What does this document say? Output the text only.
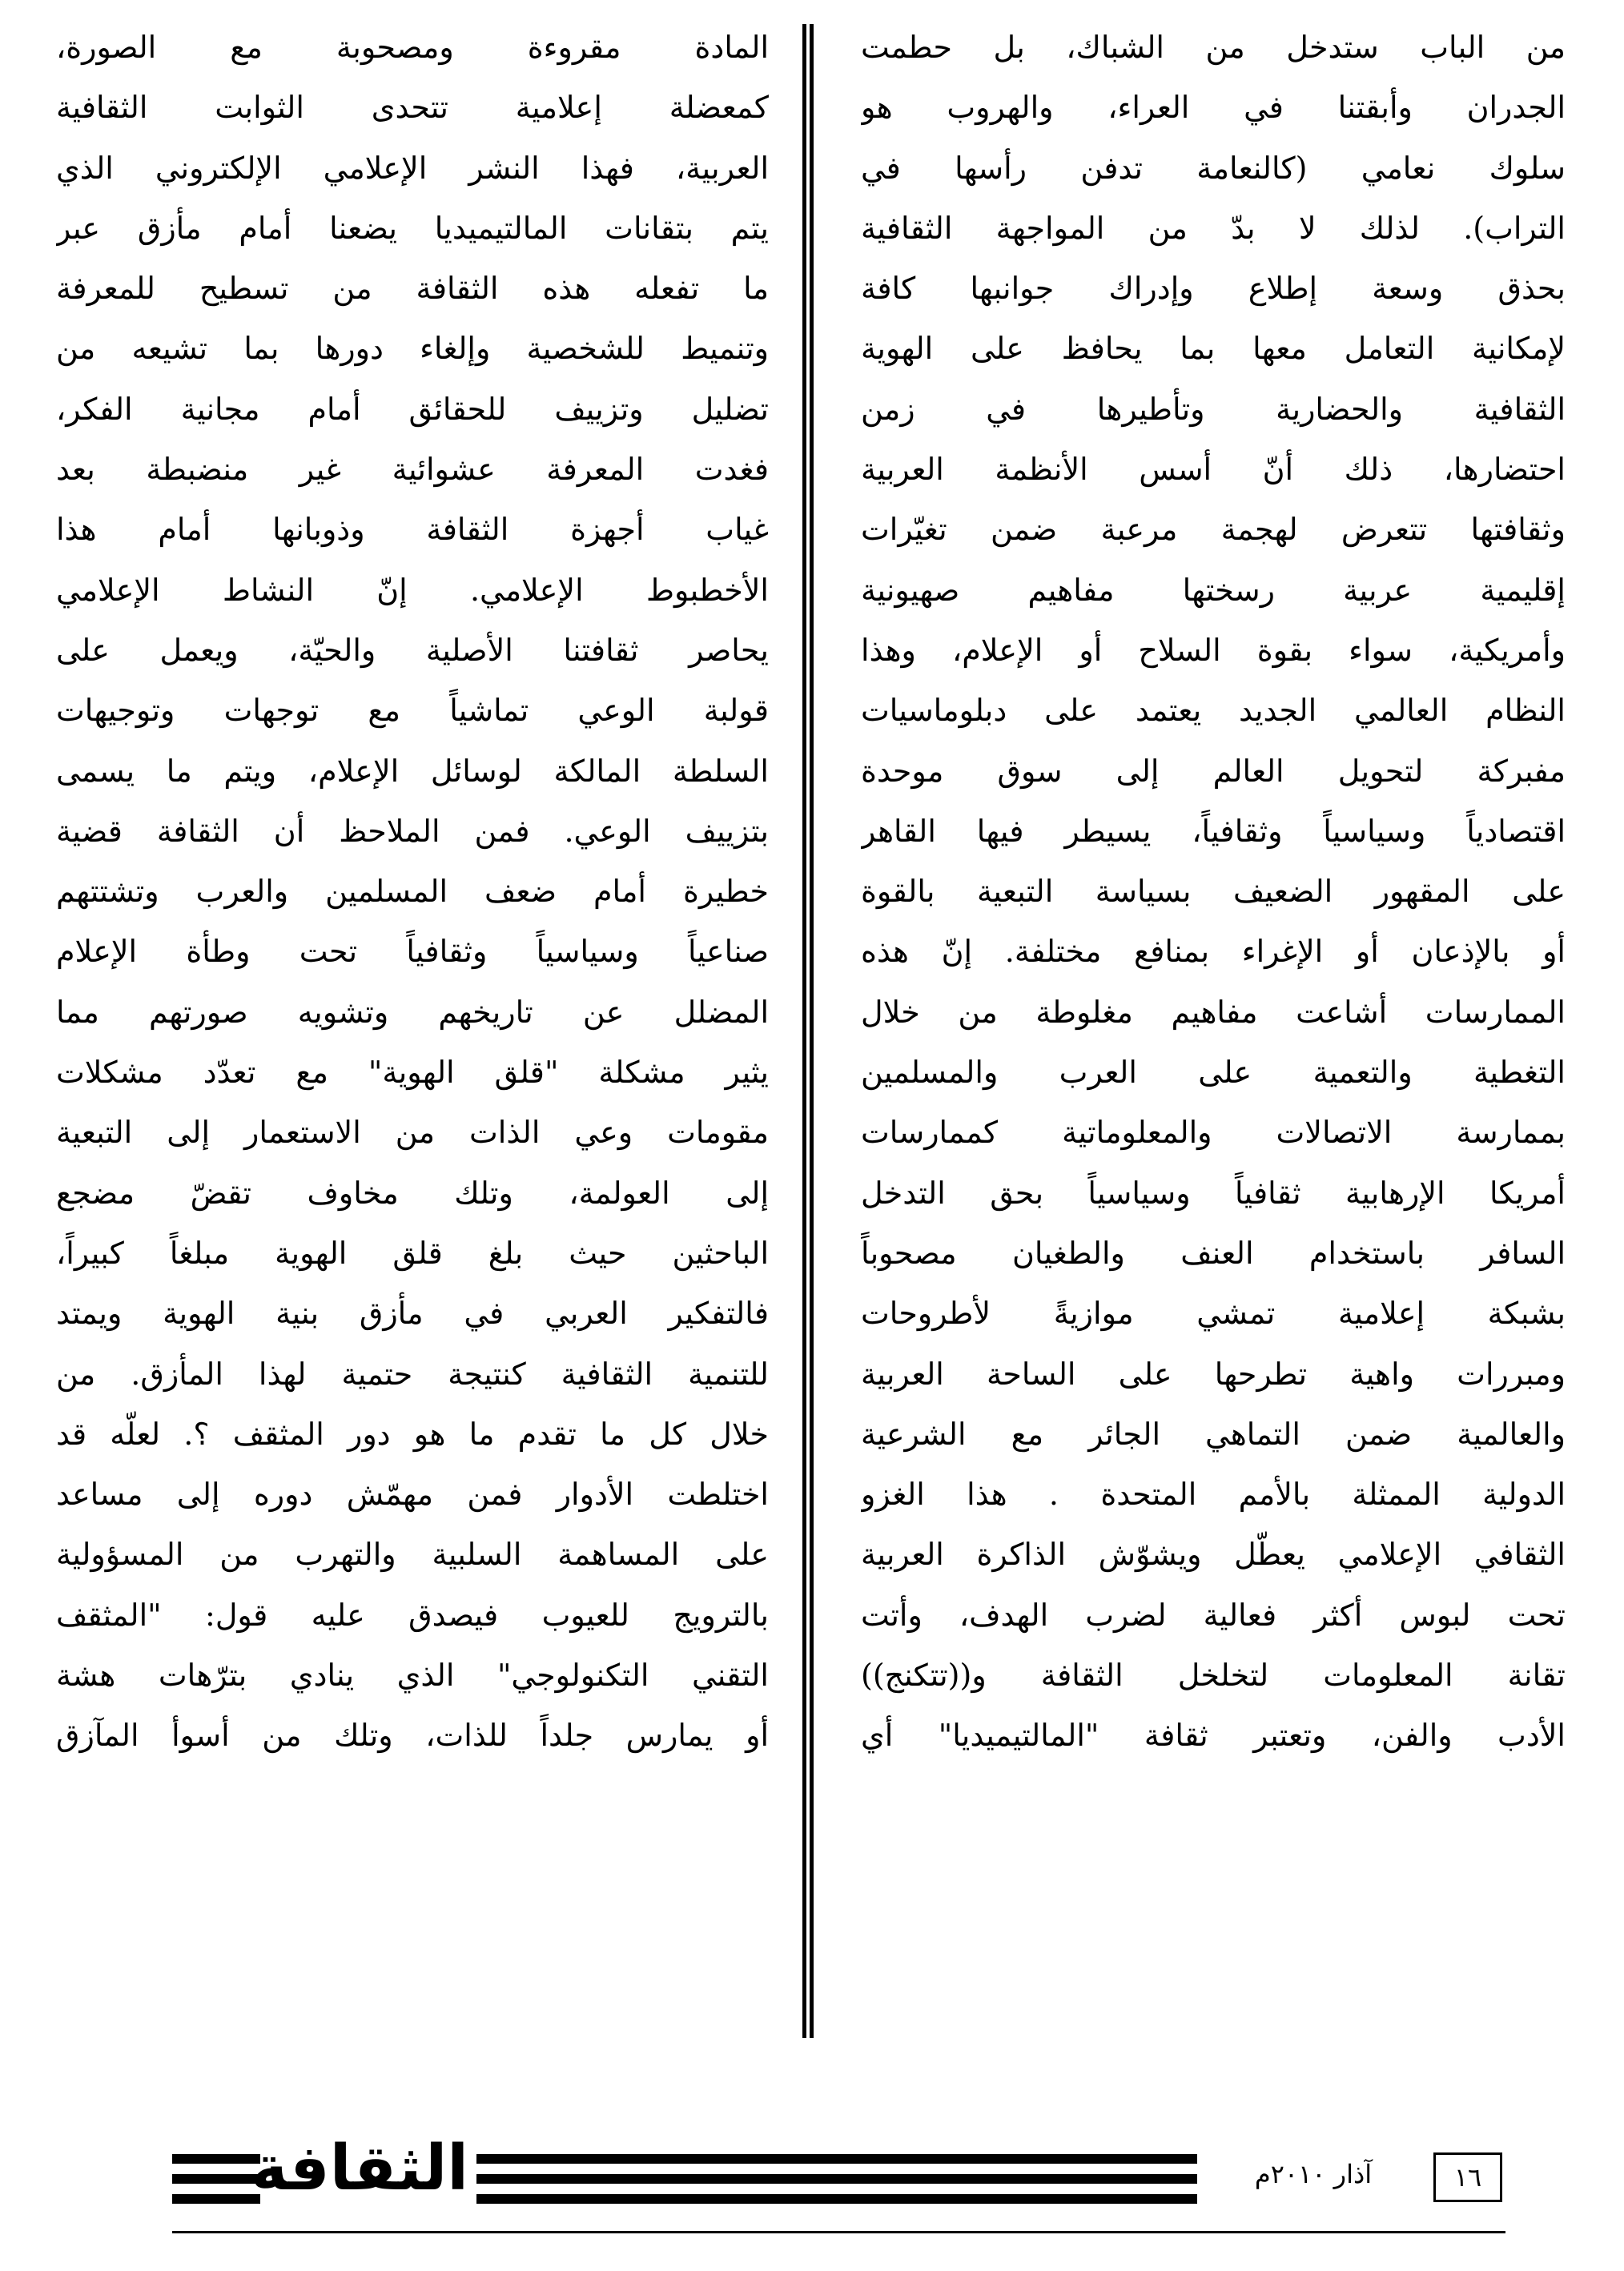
من الباب ستدخل من الشباك، بل حطمت
الجدران وأبقتنا في العراء، والهروب هو
سلوك نعامي (كالنعامة تدفن رأسها في
التراب). لذلك لا بدّ من المواجهة الثقافية
بحذق وسعة إطلاع وإدراك جوانبها كافة
لإمكانية التعامل معها بما يحافظ على الهوية
الثقافية والحضارية وتأطيرها في زمن
احتضارها، ذلك أنّ أسس الأنظمة العربية
وثقافتها تتعرض لهجمة مرعبة ضمن تغيّرات
إقليمية عربية رسختها مفاهيم صهيونية
وأمريكية، سواء بقوة السلاح أو الإعلام، وهذا
النظام العالمي الجديد يعتمد على دبلوماسيات
مفبركة لتحويل العالم إلى سوق موحدة
اقتصادياً وسياسياً وثقافياً، يسيطر فيها القاهر
على المقهور الضعيف بسياسة التبعية بالقوة
أو بالإذعان أو الإغراء بمنافع مختلفة. إنّ هذه
الممارسات أشاعت مفاهيم مغلوطة من خلال
التغطية والتعمية على العرب والمسلمين
بممارسة الاتصالات والمعلوماتية كممارسات
أمريكا الإرهابية ثقافياً وسياسياً بحق التدخل
السافر باستخدام العنف والطغيان مصحوباً
بشبكة إعلامية تمشي موازيةً لأطروحات
ومبررات واهية تطرحها على الساحة العربية
والعالمية ضمن التماهي الجائر مع الشرعية
الدولية الممثلة بالأمم المتحدة . هذا الغزو
الثقافي الإعلامي يعطّل ويشوّش الذاكرة العربية
تحت لبوس أكثر فعالية لضرب الهدف، وأتت
تقانة المعلومات لتخلخل الثقافة و((تتكنج))
الأدب والفن، وتعتبر ثقافة "المالتيميديا" أي
المادة مقروءة ومصحوبة مع الصورة،
كمعضلة إعلامية تتحدى الثوابت الثقافية
العربية، فهذا النشر الإعلامي الإلكتروني الذي
يتم بتقانات المالتيميديا يضعنا أمام مأزق عبر
ما تفعله هذه الثقافة من تسطيح للمعرفة
وتنميط للشخصية وإلغاء دورها بما تشيعه من
تضليل وتزييف للحقائق أمام مجانية الفكر،
فغدت المعرفة عشوائية غير منضبطة بعد
غياب أجهزة الثقافة وذوبانها أمام هذا
الأخطبوط الإعلامي. إنّ النشاط الإعلامي
يحاصر ثقافتنا الأصلية والحيّة، ويعمل على
قولبة الوعي تماشياً مع توجهات وتوجيهات
السلطة المالكة لوسائل الإعلام، ويتم ما يسمى
بتزييف الوعي. فمن الملاحظ أن الثقافة قضية
خطيرة أمام ضعف المسلمين والعرب وتشتتهم
صناعياً وسياسياً وثقافياً تحت وطأة الإعلام
المضلل عن تاريخهم وتشويه صورتهم مما
يثير مشكلة "قلق الهوية" مع تعدّد مشكلات
مقومات وعي الذات من الاستعمار إلى التبعية
إلى العولمة، وتلك مخاوف تقضّ مضجع
الباحثين حيث بلغ قلق الهوية مبلغاً كبيراً،
فالتفكير العربي في مأزق بنية الهوية ويمتد
للتنمية الثقافية كنتيجة حتمية لهذا المأزق. من
خلال كل ما تقدم ما هو دور المثقف ؟. لعلّه قد
اختلطت الأدوار فمن مهمّش دوره إلى مساعد
على المساهمة السلبية والتهرب من المسؤولية
بالترويج للعيوب فيصدق عليه قول: "المثقف
التقني التكنولوجي" الذي ينادي بترّهات هشة
أو يمارس جلداً للذات، وتلك من أسوأ المآزق
الثقافة	آذار ٢٠١٠م	١٦
